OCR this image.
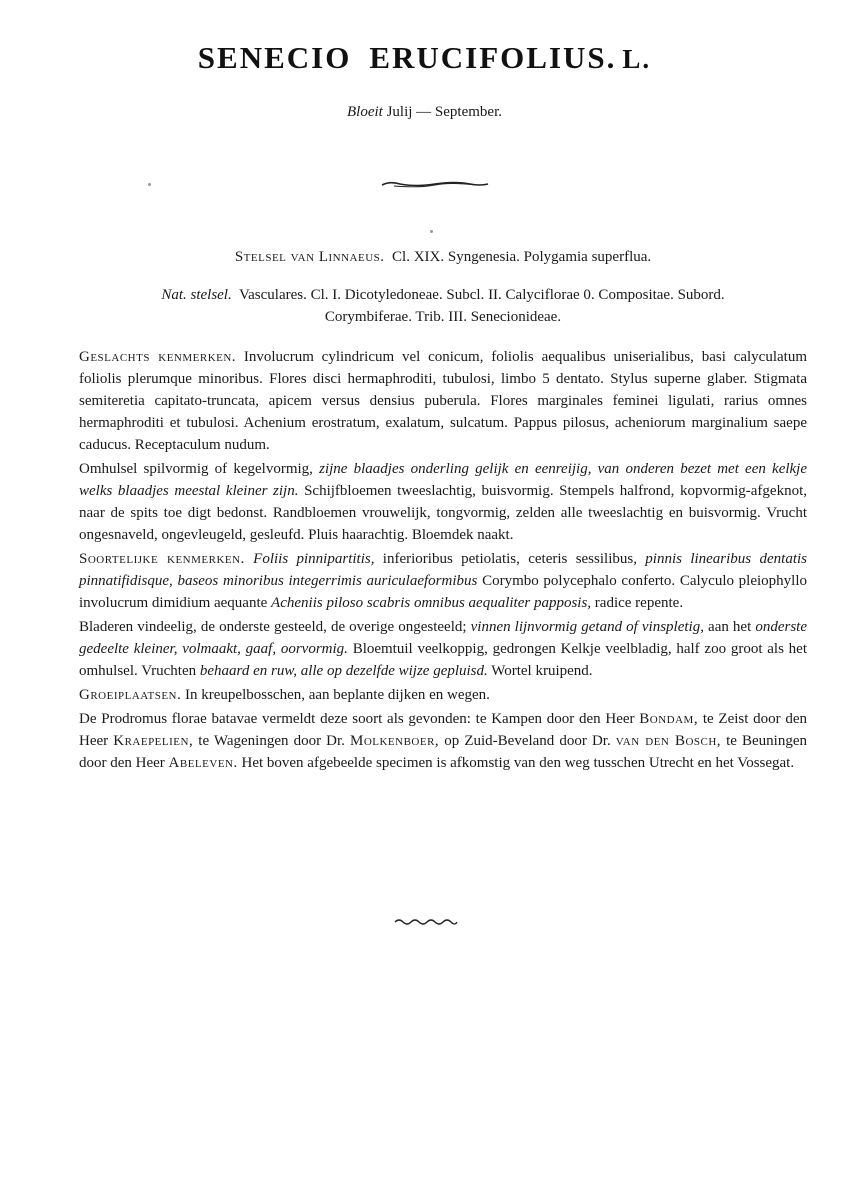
SENECIO ERUCIFOLIUS. L.
Bloeit Julij — September.
Stelsel van Linnaeus. Cl. XIX. Syngenesia. Polygamia superflua.
Nat. stelsel. Vasculares. Cl. I. Dicotyledoneae. Subcl. II. Calyciflorae 0. Compositae. Subord.
Corymbiferae. Trib. III. Senecionideae.

Geslachts kenmerken. Involucrum cylindricum vel conicum, foliolis aequalibus uniserialibus, basi calyculatum foliolis plerumque minoribus. Flores disci hermaphroditi, tubulosi, limbo 5 dentato. Stylus superne glaber. Stigmata semiteretia capitato-truncata, apicem versus densius puberula. Flores marginales feminei ligulati, rarius omnes hermaphroditi et tubulosi. Achenium erostratum, exalatum, sulcatum. Pappus pilosus, acheniorum marginalium saepe caducus. Receptaculum nudum.

Omhulsel spilvormig of kegelvormig, zijne blaadjes onderling gelijk en eenreijig, van onderen bezet met een kelkje welks blaadjes meestal kleiner zijn. Schijfbloemen tweeslachtig, buisvormig. Stempels halfrond, kopvormig-afgeknot, naar de spits toe digt bedonst. Randbloemen vrouwelijk, tongvormig, zelden alle tweeslachtig en buisvormig. Vrucht ongesnaveld, ongevleugeld, gesleufd. Pluis haarachtig. Bloemdek naakt.

Soortelijke kenmerken. Foliis pinnipartitis, inferioribus petiolatis, ceteris sessilibus, pinnis linearibus dentatis pinnatifidisque, baseos minoribus integerrimis auriculaeformibus Corymbo polycephalo conferto. Calyculo pleiophyllo involucrum dimidium aequante Acheniis piloso scabris omnibus aequaliter papposis, radice repente.

Bladeren vindeelig, de onderste gesteeld, de overige ongesteeld; vinnen lijnvormig getand of vinspletig, aan het onderste gedeelte kleiner, volmaakt, gaaf, oorvormig. Bloemtuil veelkoppig, gedrongen Kelkje veelbladig, half zoo groot als het omhulsel. Vruchten behaard en ruw, alle op dezelfde wijze gepluisd. Wortel kruipend.

Groeiplaatsen. In kreupelbosschen, aan beplante dijken en wegen.

De Prodromus florae batavae vermeldt deze soort als gevonden: te Kampen door den Heer Bondam, te Zeist door den Heer Kraepelien, te Wageningen door Dr. Molkenboer, op Zuid-Beveland door Dr. van den Bosch, te Beuningen door den Heer Abeleven. Het boven afgebeelde specimen is afkomstig van den weg tusschen Utrecht en het Vossegat.
